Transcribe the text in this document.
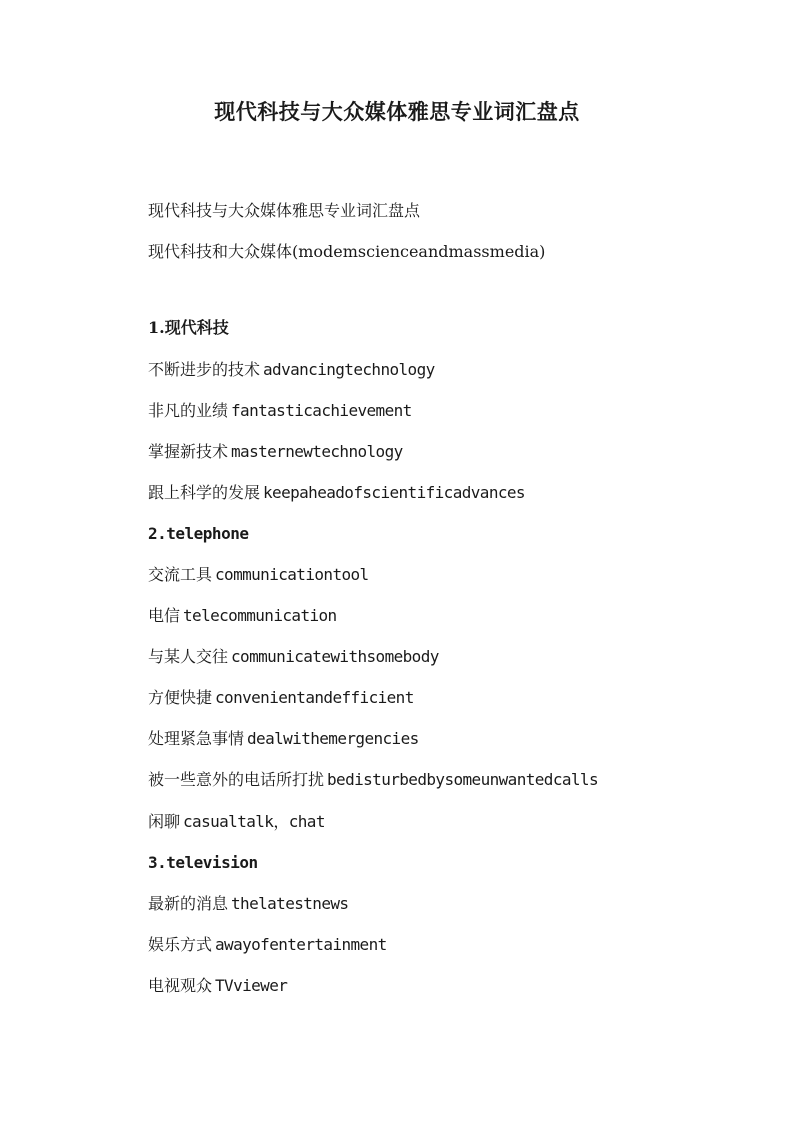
现代科技与大众媒体雅思专业词汇盘点
现代科技与大众媒体雅思专业词汇盘点
现代科技和大众媒体(modemscienceandmassmedia)
1.现代科技
不断进步的技术 advancingtechnology
非凡的业绩 fantasticachievement
掌握新技术 masternewtechnology
跟上科学的发展 keepaheadofscientificadvances
2.telephone
交流工具 communicationtool
电信 telecommunication
与某人交往 communicatewithsomebody
方便快捷 convenientandefficient
处理紧急事情 dealwithemergencies
被一些意外的电话所打扰 bedisturbedbysomeunwantedcalls
闲聊 casualtalk，chat
3.television
最新的消息 thelatestnews
娱乐方式 awayofentertainment
电视观众 TVviewer
